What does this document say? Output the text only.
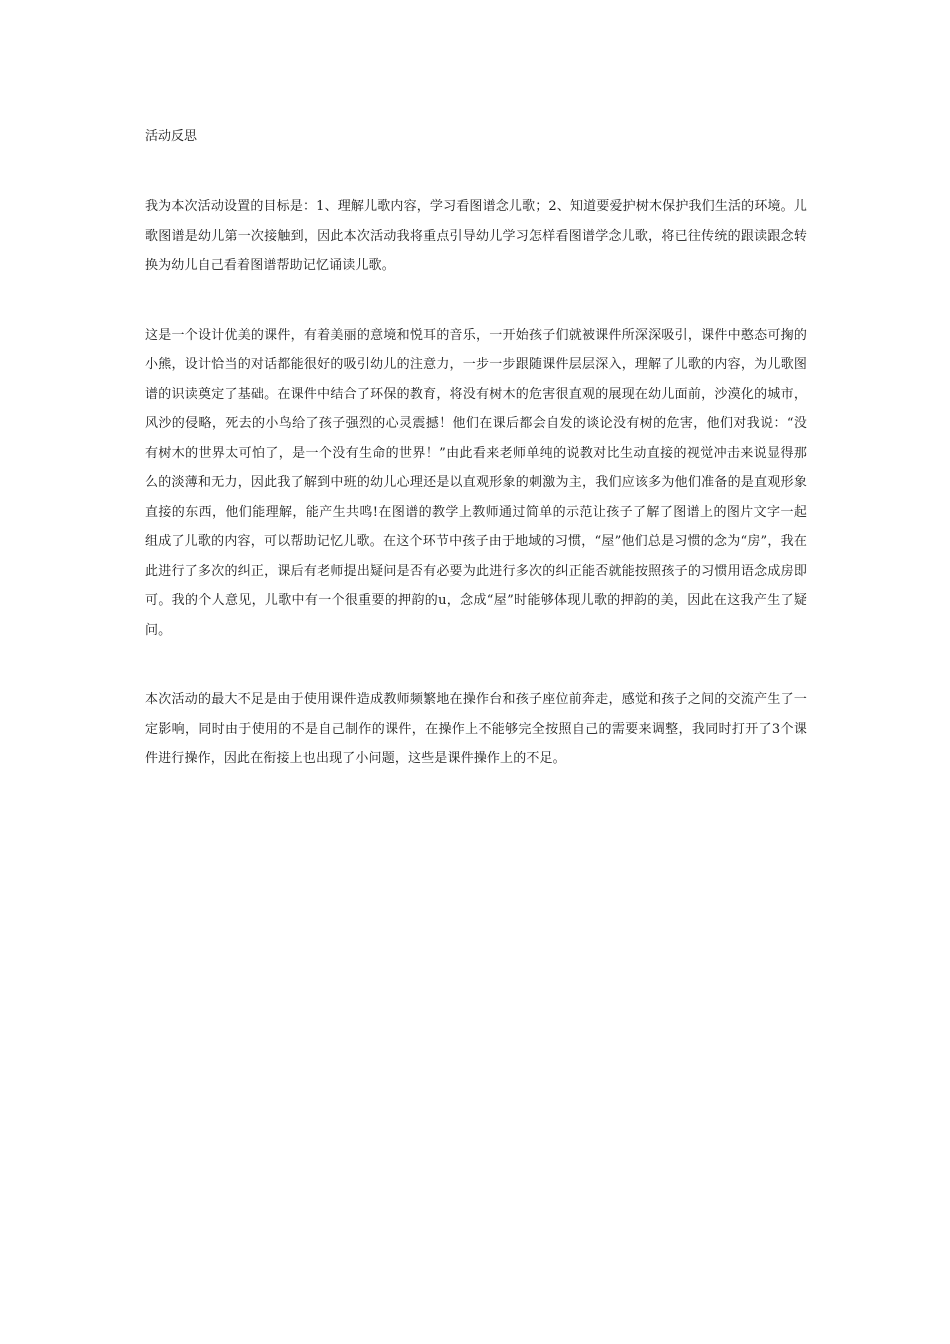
活动反思

我为本次活动设置的目标是：1、理解儿歌内容，学习看图谱念儿歌；2、知道要爱护树木保护我们生活的环境。儿歌图谱是幼儿第一次接触到，因此本次活动我将重点引导幼儿学习怎样看图谱学念儿歌，将已往传统的跟读跟念转换为幼儿自己看着图谱帮助记忆诵读儿歌。

这是一个设计优美的课件，有着美丽的意境和悦耳的音乐，一开始孩子们就被课件所深深吸引，课件中憨态可掬的小熊，设计恰当的对话都能很好的吸引幼儿的注意力，一步一步跟随课件层层深入，理解了儿歌的内容，为儿歌图谱的识读奠定了基础。在课件中结合了环保的教育，将没有树木的危害很直观的展现在幼儿面前，沙漠化的城市，风沙的侵略，死去的小鸟给了孩子强烈的心灵震撼！他们在课后都会自发的谈论没有树的危害，他们对我说：“没有树木的世界太可怕了，是一个没有生命的世界！”由此看来老师单纯的说教对比生动直接的视觉冲击来说显得那么的淡薄和无力，因此我了解到中班的幼儿心理还是以直观形象的刺激为主，我们应该多为他们准备的是直观形象直接的东西，他们能理解，能产生共鸣!在图谱的教学上教师通过简单的示范让孩子了解了图谱上的图片文字一起组成了儿歌的内容，可以帮助记忆儿歌。在这个环节中孩子由于地域的习惯，“屋”他们总是习惯的念为“房”，我在此进行了多次的纠正，课后有老师提出疑问是否有必要为此进行多次的纠正能否就能按照孩子的习惯用语念成房即可。我的个人意见，儿歌中有一个很重要的押韵的u，念成“屋”时能够体现儿歌的押韵的美，因此在这我产生了疑问。

本次活动的最大不足是由于使用课件造成教师频繁地在操作台和孩子座位前奔走，感觉和孩子之间的交流产生了一定影响，同时由于使用的不是自己制作的课件，在操作上不能够完全按照自己的需要来调整，我同时打开了3个课件进行操作，因此在衔接上也出现了小问题，这些是课件操作上的不足。
